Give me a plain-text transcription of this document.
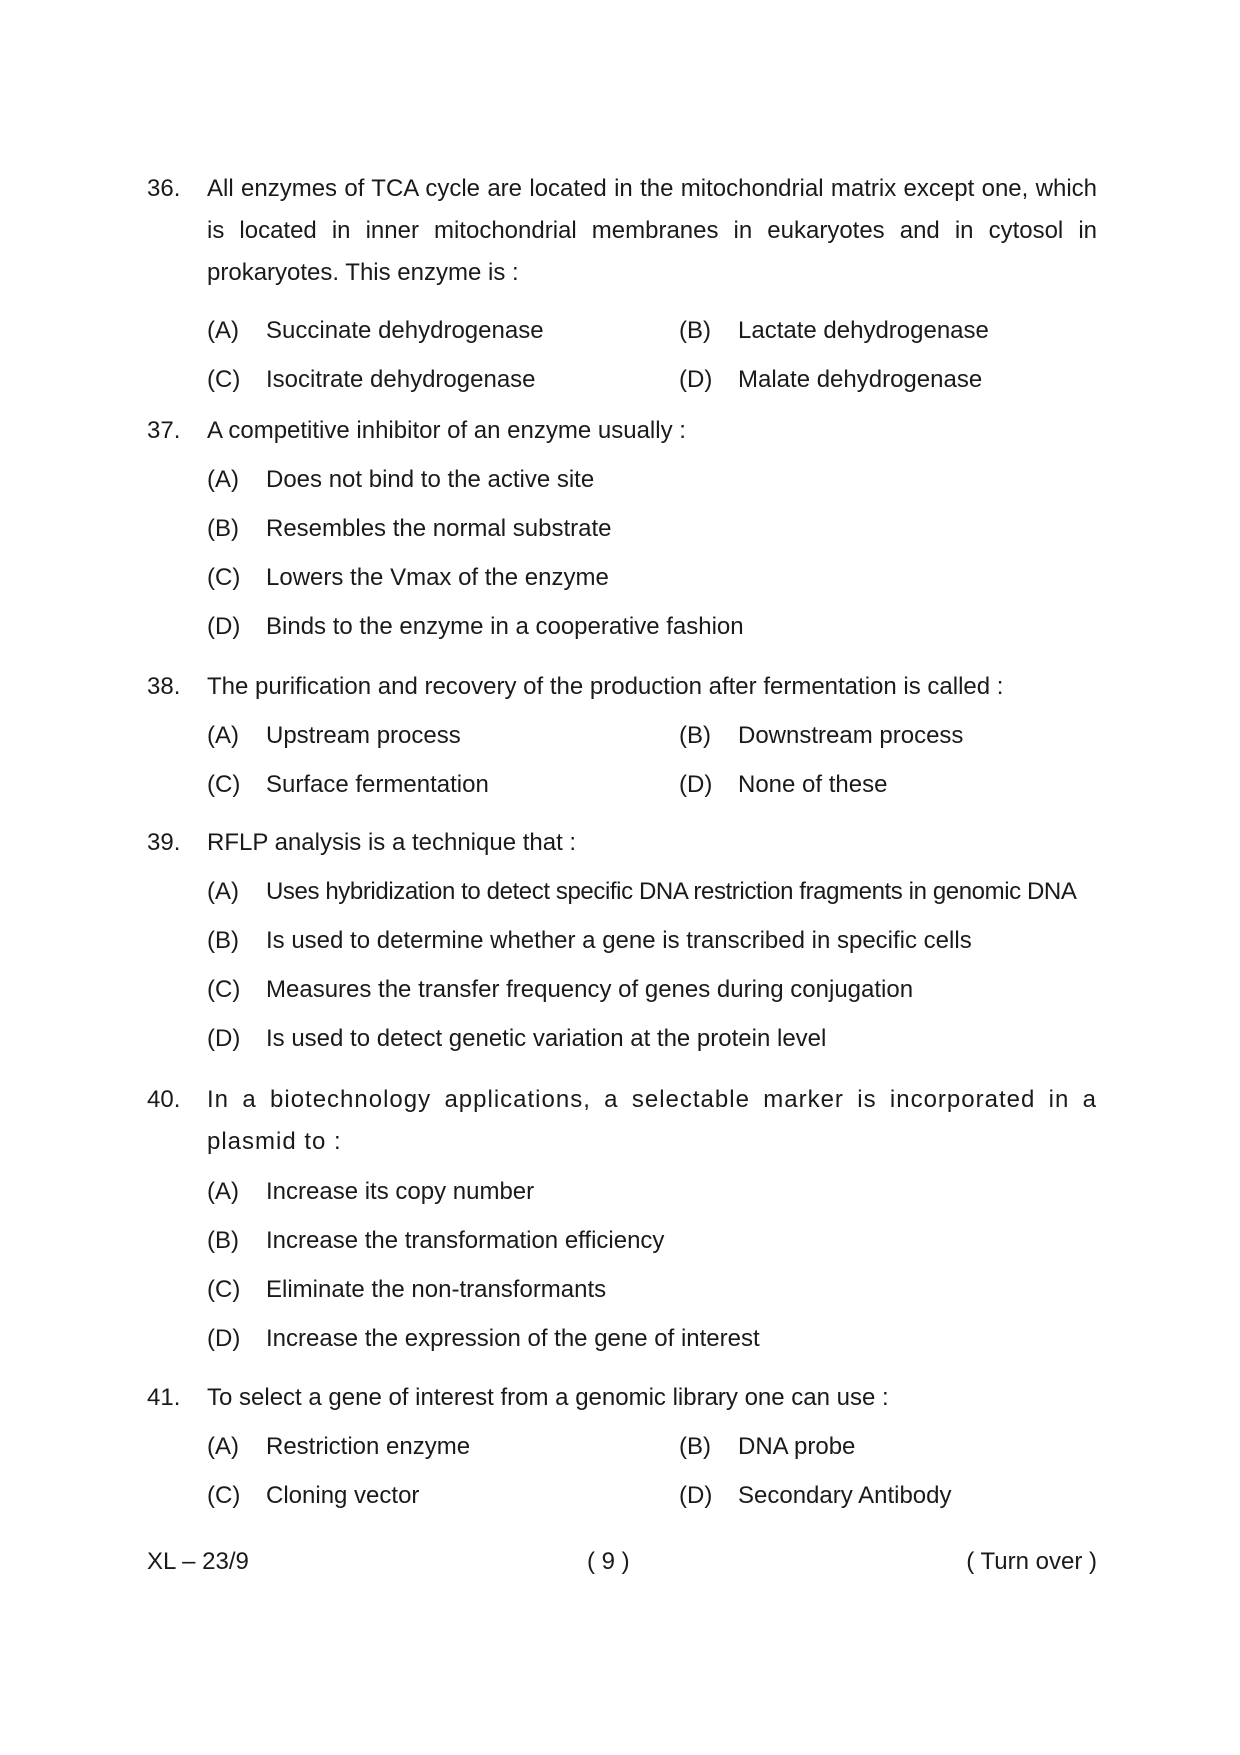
36.	All enzymes of TCA cycle are located in the mitochondrial matrix except one, which is located in inner mitochondrial membranes in eukaryotes and in cytosol in prokaryotes. This enzyme is :
(A)	Succinate dehydrogenase	(B)	Lactate dehydrogenase
(C)	Isocitrate dehydrogenase	(D)	Malate dehydrogenase
37.	A competitive inhibitor of an enzyme usually :
(A)	Does not bind to the active site
(B)	Resembles the normal substrate
(C)	Lowers the Vmax of the enzyme
(D)	Binds to the enzyme in a cooperative fashion
38.	The purification and recovery of the production after fermentation is called :
(A)	Upstream process	(B)	Downstream process
(C)	Surface fermentation	(D)	None of these
39.	RFLP analysis is a technique that :
(A)	Uses hybridization to detect specific DNA restriction fragments in genomic DNA
(B)	Is used to determine whether a gene is transcribed in specific cells
(C)	Measures the transfer frequency of genes during conjugation
(D)	Is used to detect genetic variation at the protein level
40.	In a biotechnology applications, a selectable marker is incorporated in a plasmid to :
(A)	Increase its copy number
(B)	Increase the transformation efficiency
(C)	Eliminate the non-transformants
(D)	Increase the expression of the gene of interest
41.	To select a gene of interest from a genomic library one can use :
(A)	Restriction enzyme	(B)	DNA probe
(C)	Cloning vector	(D)	Secondary Antibody
XL – 23/9	( 9 )	( Turn over )
